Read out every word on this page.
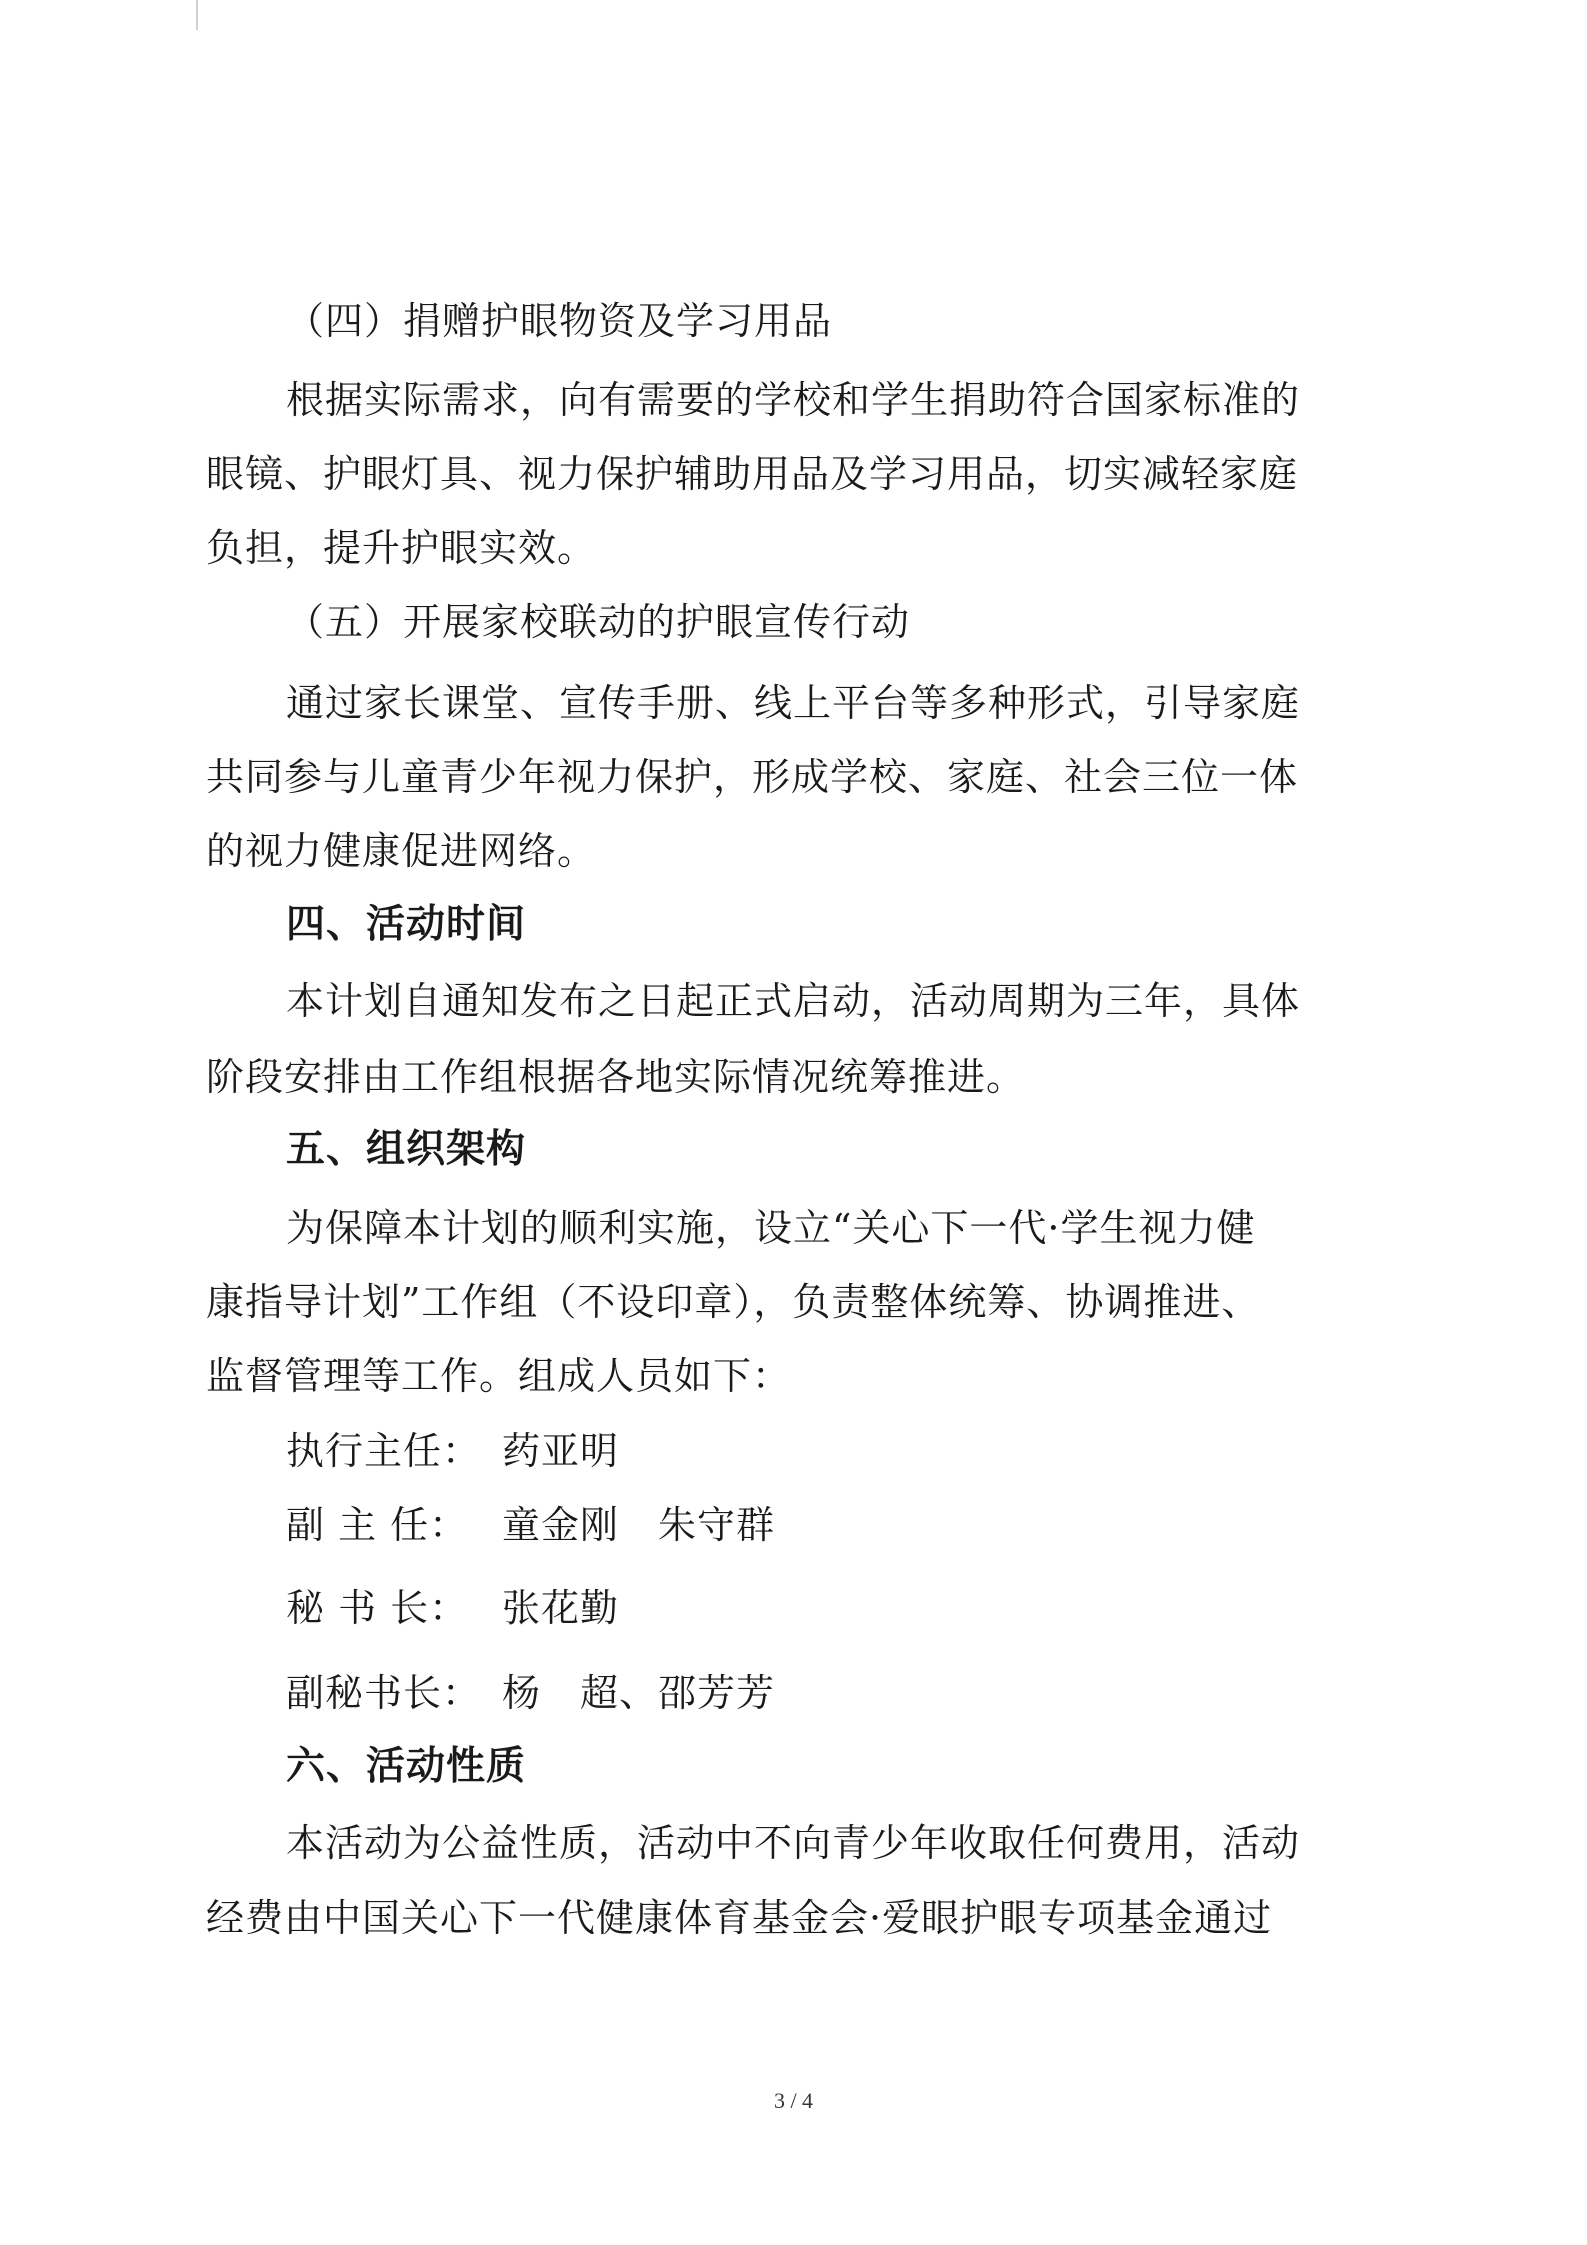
（四）捐赠护眼物资及学习用品
根据实际需求，向有需要的学校和学生捐助符合国家标准的
眼镜、护眼灯具、视力保护辅助用品及学习用品，切实减轻家庭
负担，提升护眼实效。
（五）开展家校联动的护眼宣传行动
通过家长课堂、宣传手册、线上平台等多种形式，引导家庭
共同参与儿童青少年视力保护，形成学校、家庭、社会三位一体
的视力健康促进网络。
四、活动时间
本计划自通知发布之日起正式启动，活动周期为三年，具体
阶段安排由工作组根据各地实际情况统筹推进。
五、组织架构
为保障本计划的顺利实施，设立“关心下一代·学生视力健
康指导计划”工作组（不设印章），负责整体统筹、协调推进、
监督管理等工作。组成人员如下：
执行主任： 药亚明
副 主 任： 童金刚　朱守群
秘 书 长： 张花勤
副秘书长： 杨　超、邵芳芳
六、活动性质
本活动为公益性质，活动中不向青少年收取任何费用，活动
经费由中国关心下一代健康体育基金会·爱眼护眼专项基金通过
3 / 4
